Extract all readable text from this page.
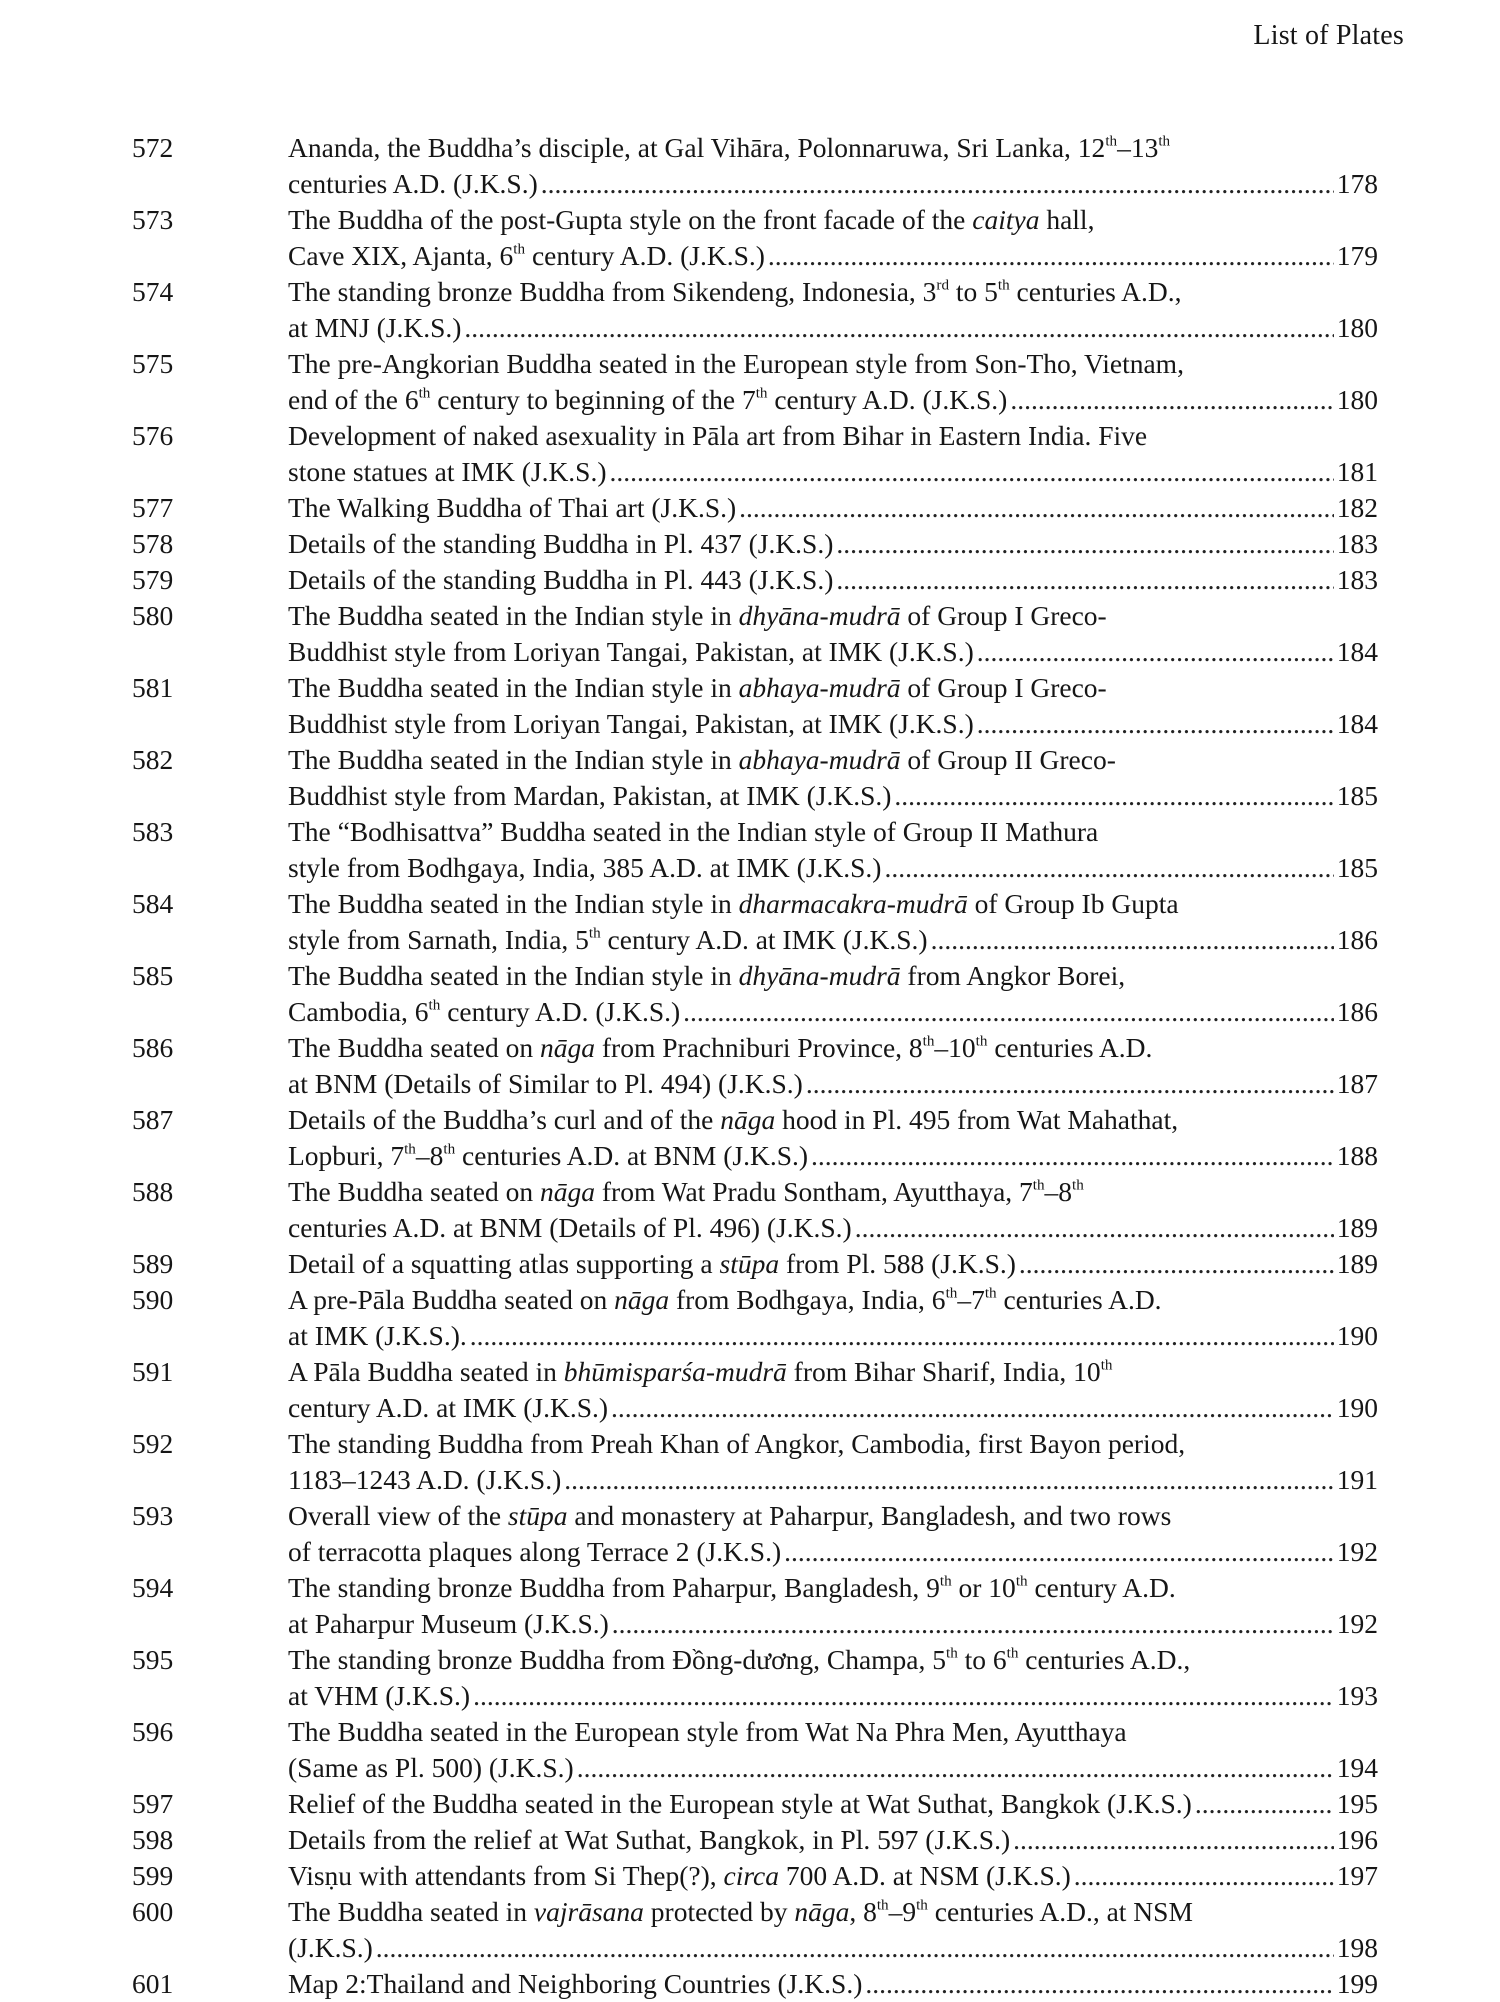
List of Plates
572	Ananda, the Buddha’s disciple, at Gal Vihāra, Polonnaruwa, Sri Lanka, 12th–13th
centuries A.D. (J.K.S.) .....	178
573	The Buddha of the post-Gupta style on the front facade of the caitya hall,
Cave XIX, Ajanta, 6th century A.D. (J.K.S.) .....	179
574	The standing bronze Buddha from Sikendeng, Indonesia, 3rd to 5th centuries A.D.,
at MNJ (J.K.S.) .....	180
575	The pre-Angkorian Buddha seated in the European style from Son-Tho, Vietnam,
end of the 6th century to beginning of the 7th century A.D. (J.K.S.) .....	180
576	Development of naked asexuality in Pāla art from Bihar in Eastern India. Five
stone statues at IMK (J.K.S.) .....	181
577	The Walking Buddha of Thai art (J.K.S.) .....	182
578	Details of the standing Buddha in Pl. 437 (J.K.S.) .....	183
579	Details of the standing Buddha in Pl. 443 (J.K.S.) .....	183
580	The Buddha seated in the Indian style in dhyāna-mudrā of Group I Greco-
Buddhist style from Loriyan Tangai, Pakistan, at IMK (J.K.S.) .....	184
581	The Buddha seated in the Indian style in abhaya-mudrā of Group I Greco-
Buddhist style from Loriyan Tangai, Pakistan, at IMK (J.K.S.) .....	184
582	The Buddha seated in the Indian style in abhaya-mudrā of Group II Greco-
Buddhist style from Mardan, Pakistan, at IMK (J.K.S.) .....	185
583	The “Bodhisattva” Buddha seated in the Indian style of Group II Mathura
style from Bodhgaya, India, 385 A.D. at IMK (J.K.S.) .....	185
584	The Buddha seated in the Indian style in dharmacakra-mudrā of Group Ib Gupta
style from Sarnath, India, 5th century A.D. at IMK (J.K.S.) .....	186
585	The Buddha seated in the Indian style in dhyāna-mudrā from Angkor Borei,
Cambodia, 6th century A.D. (J.K.S.) .....	186
586	The Buddha seated on nāga from Prachniburi Province, 8th–10th centuries A.D.
at BNM (Details of Similar to Pl. 494) (J.K.S.) .....	187
587	Details of the Buddha’s curl and of the nāga hood in Pl. 495 from Wat Mahathat,
Lopburi, 7th–8th centuries A.D. at BNM (J.K.S.) .....	188
588	The Buddha seated on nāga from Wat Pradu Sontham, Ayutthaya, 7th–8th
centuries A.D. at BNM (Details of Pl. 496) (J.K.S.) .....	189
589	Detail of a squatting atlas supporting a stūpa from Pl. 588 (J.K.S.) .....	189
590	A pre-Pāla Buddha seated on nāga from Bodhgaya, India, 6th–7th centuries A.D.
at IMK (J.K.S.). .....	190
591	A Pāla Buddha seated in bhūmisparśa-mudrā from Bihar Sharif, India, 10th
century A.D. at IMK (J.K.S.) .....	190
592	The standing Buddha from Preah Khan of Angkor, Cambodia, first Bayon period,
1183–1243 A.D. (J.K.S.) .....	191
593	Overall view of the stūpa and monastery at Paharpur, Bangladesh, and two rows
of terracotta plaques along Terrace 2 (J.K.S.) .....	192
594	The standing bronze Buddha from Paharpur, Bangladesh, 9th or 10th century A.D.
at Paharpur Museum (J.K.S.) .....	192
595	The standing bronze Buddha from Đồng-dương, Champa, 5th to 6th centuries A.D.,
at VHM (J.K.S.) .....	193
596	The Buddha seated in the European style from Wat Na Phra Men, Ayutthaya
(Same as Pl. 500) (J.K.S.) .....	194
597	Relief of the Buddha seated in the European style at Wat Suthat, Bangkok (J.K.S.) .....	195
598	Details from the relief at Wat Suthat, Bangkok, in Pl. 597 (J.K.S.) .....	196
599	Visṇu with attendants from Si Thep(?), circa 700 A.D. at NSM (J.K.S.) .....	197
600	The Buddha seated in vajrāsana protected by nāga, 8th–9th centuries A.D., at NSM
(J.K.S.) .....	198
601	Map 2:Thailand and Neighboring Countries (J.K.S.) .....	199
